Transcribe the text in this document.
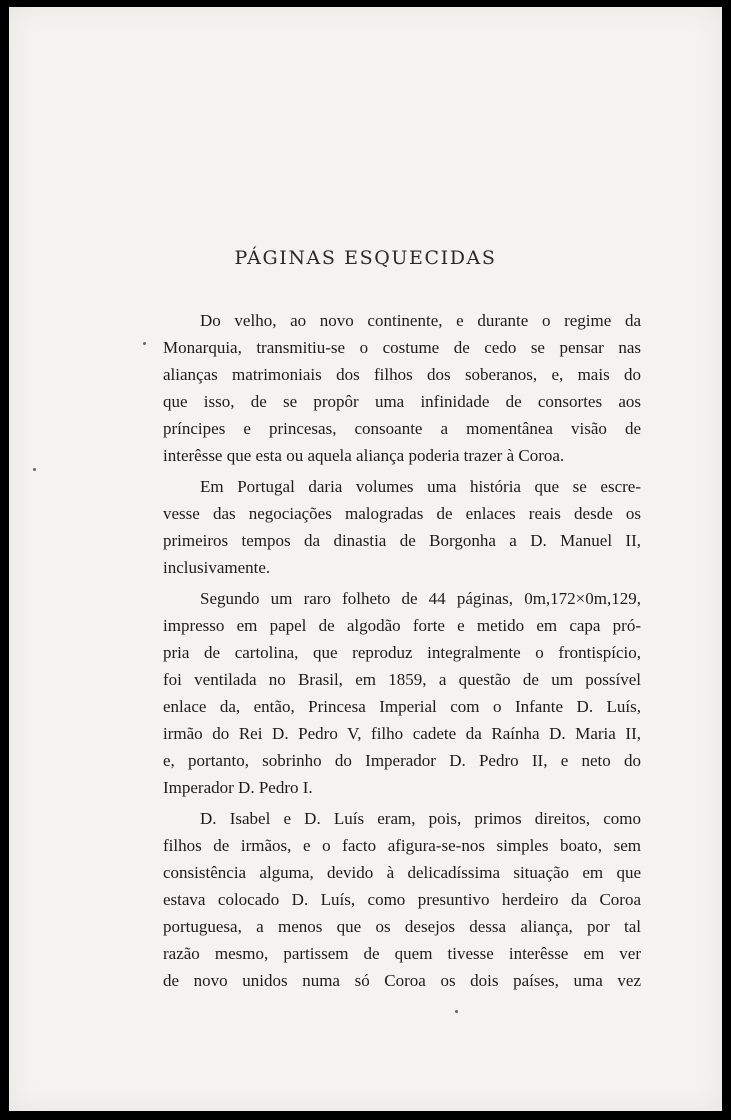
PÁGINAS ESQUECIDAS
Do velho, ao novo continente, e durante o regime da
Monarquia, transmitiu-se o costume de cedo se pensar nas
alianças matrimoniais dos filhos dos soberanos, e, mais do
que isso, de se propôr uma infinidade de consortes aos
príncipes e princesas, consoante a momentânea visão de
interêsse que esta ou aquela aliança poderia trazer à Coroa.
Em Portugal daria volumes uma história que se escre-
vesse das negociações malogradas de enlaces reais desde os
primeiros tempos da dinastia de Borgonha a D. Manuel II,
inclusivamente.
Segundo um raro folheto de 44 páginas, 0m,172×0m,129,
impresso em papel de algodão forte e metido em capa pró-
pria de cartolina, que reproduz integralmente o frontispício,
foi ventilada no Brasil, em 1859, a questão de um possível
enlace da, então, Princesa Imperial com o Infante D. Luís,
irmão do Rei D. Pedro V, filho cadete da Raínha D. Maria II,
e, portanto, sobrinho do Imperador D. Pedro II, e neto do
Imperador D. Pedro I.
D. Isabel e D. Luís eram, pois, primos direitos, como
filhos de irmãos, e o facto afigura-se-nos simples boato, sem
consistência alguma, devido à delicadíssima situação em que
estava colocado D. Luís, como presuntivo herdeiro da Coroa
portuguesa, a menos que os desejos dessa aliança, por tal
razão mesmo, partissem de quem tivesse interêsse em ver
de novo unidos numa só Coroa os dois países, uma vez
